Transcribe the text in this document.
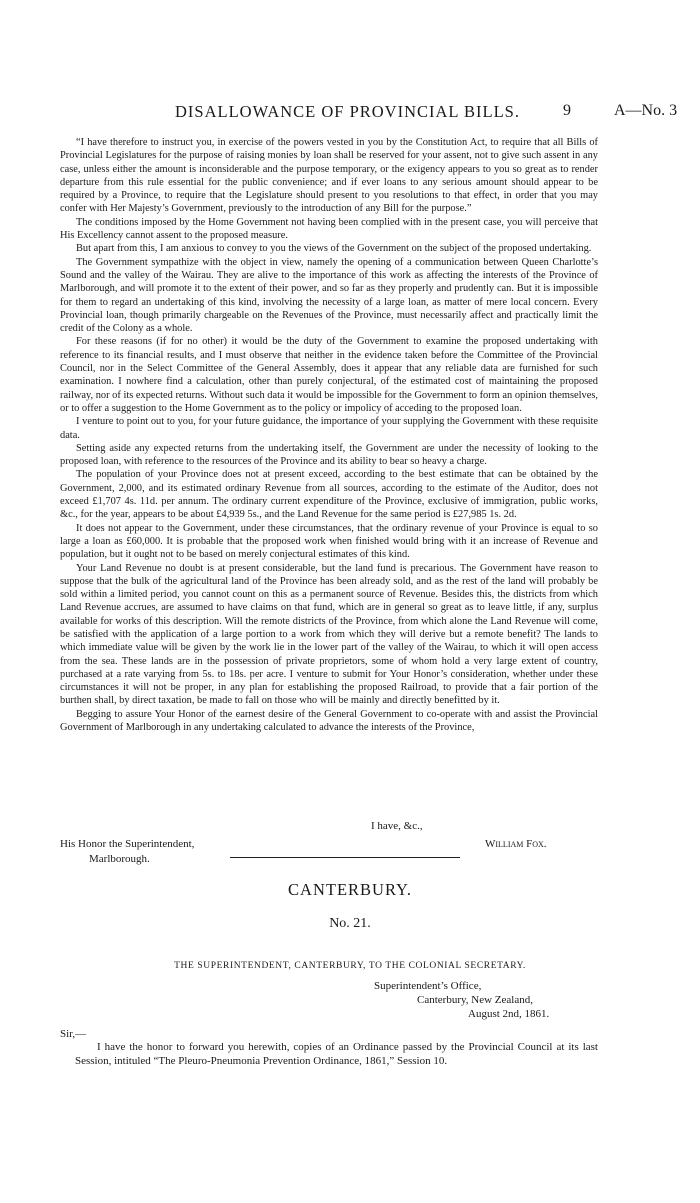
DISALLOWANCE OF PROVINCIAL BILLS.	9	A—No. 3

“I have therefore to instruct you, in exercise of the powers vested in you by the Constitution Act, to require that all Bills of Provincial Legislatures for the purpose of raising monies by loan shall be reserved for your assent, not to give such assent in any case, unless either the amount is inconsiderable and the purpose temporary, or the exigency appears to you so great as to render departure from this rule essential for the public convenience; and if ever loans to any serious amount should appear to be required by a Province, to require that the Legislature should present to you resolutions to that effect, in order that you may confer with Her Majesty’s Government, previously to the introduction of any Bill for the purpose.”

The conditions imposed by the Home Government not having been complied with in the present case, you will perceive that His Excellency cannot assent to the proposed measure.

But apart from this, I am anxious to convey to you the views of the Government on the subject of the proposed undertaking.

The Government sympathize with the object in view, namely the opening of a communication between Queen Charlotte’s Sound and the valley of the Wairau. They are alive to the importance of this work as affecting the interests of the Province of Marlborough, and will promote it to the extent of their power, and so far as they properly and prudently can. But it is impossible for them to regard an undertaking of this kind, involving the necessity of a large loan, as matter of mere local concern. Every Provincial loan, though primarily chargeable on the Revenues of the Province, must necessarily affect and practically limit the credit of the Colony as a whole.

For these reasons (if for no other) it would be the duty of the Government to examine the proposed undertaking with reference to its financial results, and I must observe that neither in the evidence taken before the Committee of the Provincial Council, nor in the Select Committee of the General Assembly, does it appear that any reliable data are furnished for such examination. I nowhere find a calculation, other than purely conjectural, of the estimated cost of maintaining the proposed railway, nor of its expected returns. Without such data it would be impossible for the Government to form an opinion themselves, or to offer a suggestion to the Home Government as to the policy or impolicy of acceding to the proposed loan.

I venture to point out to you, for your future guidance, the importance of your supplying the Government with these requisite data.

Setting aside any expected returns from the undertaking itself, the Government are under the necessity of looking to the proposed loan, with reference to the resources of the Province and its ability to bear so heavy a charge.

The population of your Province does not at present exceed, according to the best estimate that can be obtained by the Government, 2,000, and its estimated ordinary Revenue from all sources, according to the estimate of the Auditor, does not exceed £1,707 4s. 11d. per annum. The ordinary current expenditure of the Province, exclusive of immigration, public works, &c., for the year, appears to be about £4,939 5s., and the Land Revenue for the same period is £27,985 1s. 2d.

It does not appear to the Government, under these circumstances, that the ordinary revenue of your Province is equal to so large a loan as £60,000. It is probable that the proposed work when finished would bring with it an increase of Revenue and population, but it ought not to be based on merely conjectural estimates of this kind.

Your Land Revenue no doubt is at present considerable, but the land fund is precarious. The Government have reason to suppose that the bulk of the agricultural land of the Province has been already sold, and as the rest of the land will probably be sold within a limited period, you cannot count on this as a permanent source of Revenue. Besides this, the districts from which Land Revenue accrues, are assumed to have claims on that fund, which are in general so great as to leave little, if any, surplus available for works of this description. Will the remote districts of the Province, from which alone the Land Revenue will come, be satisfied with the application of a large portion to a work from which they will derive but a remote benefit? The lands to which immediate value will be given by the work lie in the lower part of the valley of the Wairau, to which it will open access from the sea. These lands are in the possession of private proprietors, some of whom hold a very large extent of country, purchased at a rate varying from 5s. to 18s. per acre. I venture to submit for Your Honor’s consideration, whether under these circumstances it will not be proper, in any plan for establishing the proposed Railroad, to provide that a fair portion of the burthen shall, by direct taxation, be made to fall on those who will be mainly and directly benefitted by it.

Begging to assure Your Honor of the earnest desire of the General Government to co-operate with and assist the Provincial Government of Marlborough in any undertaking calculated to advance the interests of the Province,

I have, &c.,
His Honor the Superintendent,
Marlborough.
William Fox.
CANTERBURY.
No. 21.
THE SUPERINTENDENT, CANTERBURY, TO THE COLONIAL SECRETARY.
Superintendent’s Office,
Canterbury, New Zealand,
August 2nd, 1861.
Sir,—

I have the honor to forward you herewith, copies of an Ordinance passed by the Provincial Council at its last Session, intituled “The Pleuro-Pneumonia Prevention Ordinance, 1861,” Session 10.
